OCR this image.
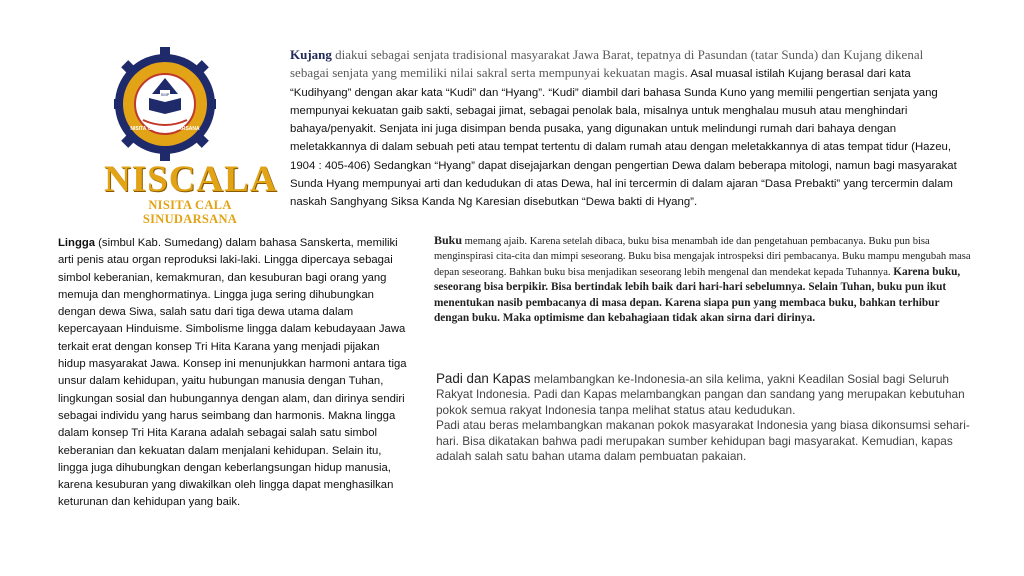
SMP
NISITA CALA SINUDARSANA
NISCALA
NISITA CALA SINUDARSANA
Kujang diakui sebagai senjata tradisional masyarakat Jawa Barat, tepatnya di Pasundan (tatar Sunda) dan Kujang dikenal sebagai senjata yang memiliki nilai sakral serta mempunyai kekuatan magis. Asal muasal istilah Kujang berasal dari kata “Kudihyang” dengan akar kata “Kudi” dan “Hyang”. “Kudi” diambil dari bahasa Sunda Kuno yang memilii pengertian senjata yang mempunyai kekuatan gaib sakti, sebagai jimat, sebagai penolak bala, misalnya untuk menghalau musuh atau menghindari bahaya/penyakit. Senjata ini juga disimpan benda pusaka, yang digunakan untuk melindungi rumah dari bahaya dengan meletakkannya di dalam sebuah peti atau tempat tertentu di dalam rumah atau dengan meletakkannya di atas tempat tidur (Hazeu, 1904 : 405-406) Sedangkan “Hyang” dapat disejajarkan dengan pengertian Dewa dalam beberapa mitologi, namun bagi masyarakat Sunda Hyang mempunyai arti dan kedudukan di atas Dewa, hal ini tercermin di dalam ajaran “Dasa Prebakti” yang tercermin dalam naskah Sanghyang Siksa Kanda Ng Karesian disebutkan “Dewa bakti di Hyang”.
Lingga (simbul Kab. Sumedang) dalam bahasa Sanskerta, memiliki arti penis atau organ reproduksi laki-laki. Lingga dipercaya sebagai simbol keberanian, kemakmuran, dan kesuburan bagi orang yang memuja dan menghormatinya. Lingga juga sering dihubungkan dengan dewa Siwa, salah satu dari tiga dewa utama dalam kepercayaan Hinduisme. Simbolisme lingga dalam kebudayaan Jawa terkait erat dengan konsep Tri Hita Karana yang menjadi pijakan hidup masyarakat Jawa. Konsep ini menunjukkan harmoni antara tiga unsur dalam kehidupan, yaitu hubungan manusia dengan Tuhan, lingkungan sosial dan hubungannya dengan alam, dan dirinya sendiri sebagai individu yang harus seimbang dan harmonis. Makna lingga dalam konsep Tri Hita Karana adalah sebagai salah satu simbol keberanian dan kekuatan dalam menjalani kehidupan. Selain itu, lingga juga dihubungkan dengan keberlangsungan hidup manusia, karena kesuburan yang diwakilkan oleh lingga dapat menghasilkan keturunan dan kehidupan yang baik.
Buku memang ajaib. Karena setelah dibaca, buku bisa menambah ide dan pengetahuan pembacanya. Buku pun bisa menginspirasi cita-cita dan mimpi seseorang. Buku bisa mengajak introspeksi diri pembacanya. Buku mampu mengubah masa depan seseorang. Bahkan buku bisa menjadikan seseorang lebih mengenal dan mendekat kepada Tuhannya. Karena buku, seseorang bisa berpikir. Bisa bertindak lebih baik dari hari-hari sebelumnya. Selain Tuhan, buku pun ikut menentukan nasib pembacanya di masa depan. Karena siapa pun yang membaca buku, bahkan terhibur dengan buku. Maka optimisme dan kebahagiaan tidak akan sirna dari dirinya.

Padi dan Kapas melambangkan ke-Indonesia-an sila kelima, yakni Keadilan Sosial bagi Seluruh Rakyat Indonesia. Padi dan Kapas melambangkan pangan dan sandang yang merupakan kebutuhan pokok semua rakyat Indonesia tanpa melihat status atau kedudukan.

Padi atau beras melambangkan makanan pokok masyarakat Indonesia yang biasa dikonsumsi sehari-hari. Bisa dikatakan bahwa padi merupakan sumber kehidupan bagi masyarakat. Kemudian, kapas adalah salah satu bahan utama dalam pembuatan pakaian.
